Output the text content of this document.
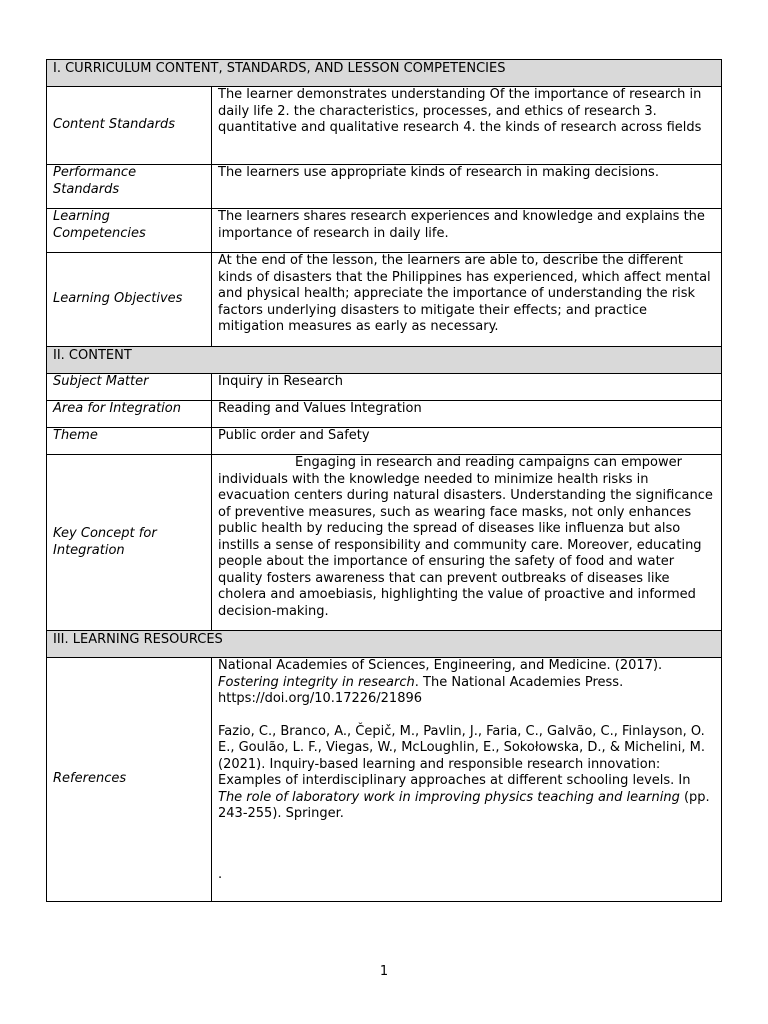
I. CURRICULUM CONTENT, STANDARDS, AND LESSON COMPETENCIES	

Content Standards	The learner demonstrates understanding Of the importance of research in daily life 2. the characteristics, processes, and ethics of research 3. quantitative and qualitative research 4. the kinds of research across fields
Performance Standards	The learners use appropriate kinds of research in making decisions.
Learning Competencies	The learners shares research experiences and knowledge and explains the importance of research in daily life.
Learning Objectives	At the end of the lesson, the learners are able to, describe the different kinds of disasters that the Philippines has experienced, which affect mental and physical health; appreciate the importance of understanding the risk factors underlying disasters to mitigate their effects; and practice mitigation measures as early as necessary.

II. CONTENT	

Subject Matter	Inquiry in Research
Area for Integration	Reading and Values Integration
Theme	Public order and Safety
Key Concept for Integration	Engaging in research and reading campaigns can empower individuals with the knowledge needed to minimize health risks in evacuation centers during natural disasters. Understanding the significance of preventive measures, such as wearing face masks, not only enhances public health by reducing the spread of diseases like influenza but also instills a sense of responsibility and community care. Moreover, educating people about the importance of ensuring the safety of food and water quality fosters awareness that can prevent outbreaks of diseases like cholera and amoebiasis, highlighting the value of proactive and informed decision-making.

III. LEARNING RESOURCES	

References	National Academies of Sciences, Engineering, and Medicine. (2017). Fostering integrity in research. The National Academies Press.
https://doi.org/10.17226/21896
Fazio, C., Branco, A., Čepič, M., Pavlin, J., Faria, C., Galvão, C., Finlayson, O. E., Goulão, L. F., Viegas, W., McLoughlin, E., Sokołowska, D., & Michelini, M. (2021). Inquiry-based learning and responsible research innovation: Examples of interdisciplinary approaches at different schooling levels. In The role of laboratory work in improving physics teaching and learning (pp. 243-255). Springer.
.
1
